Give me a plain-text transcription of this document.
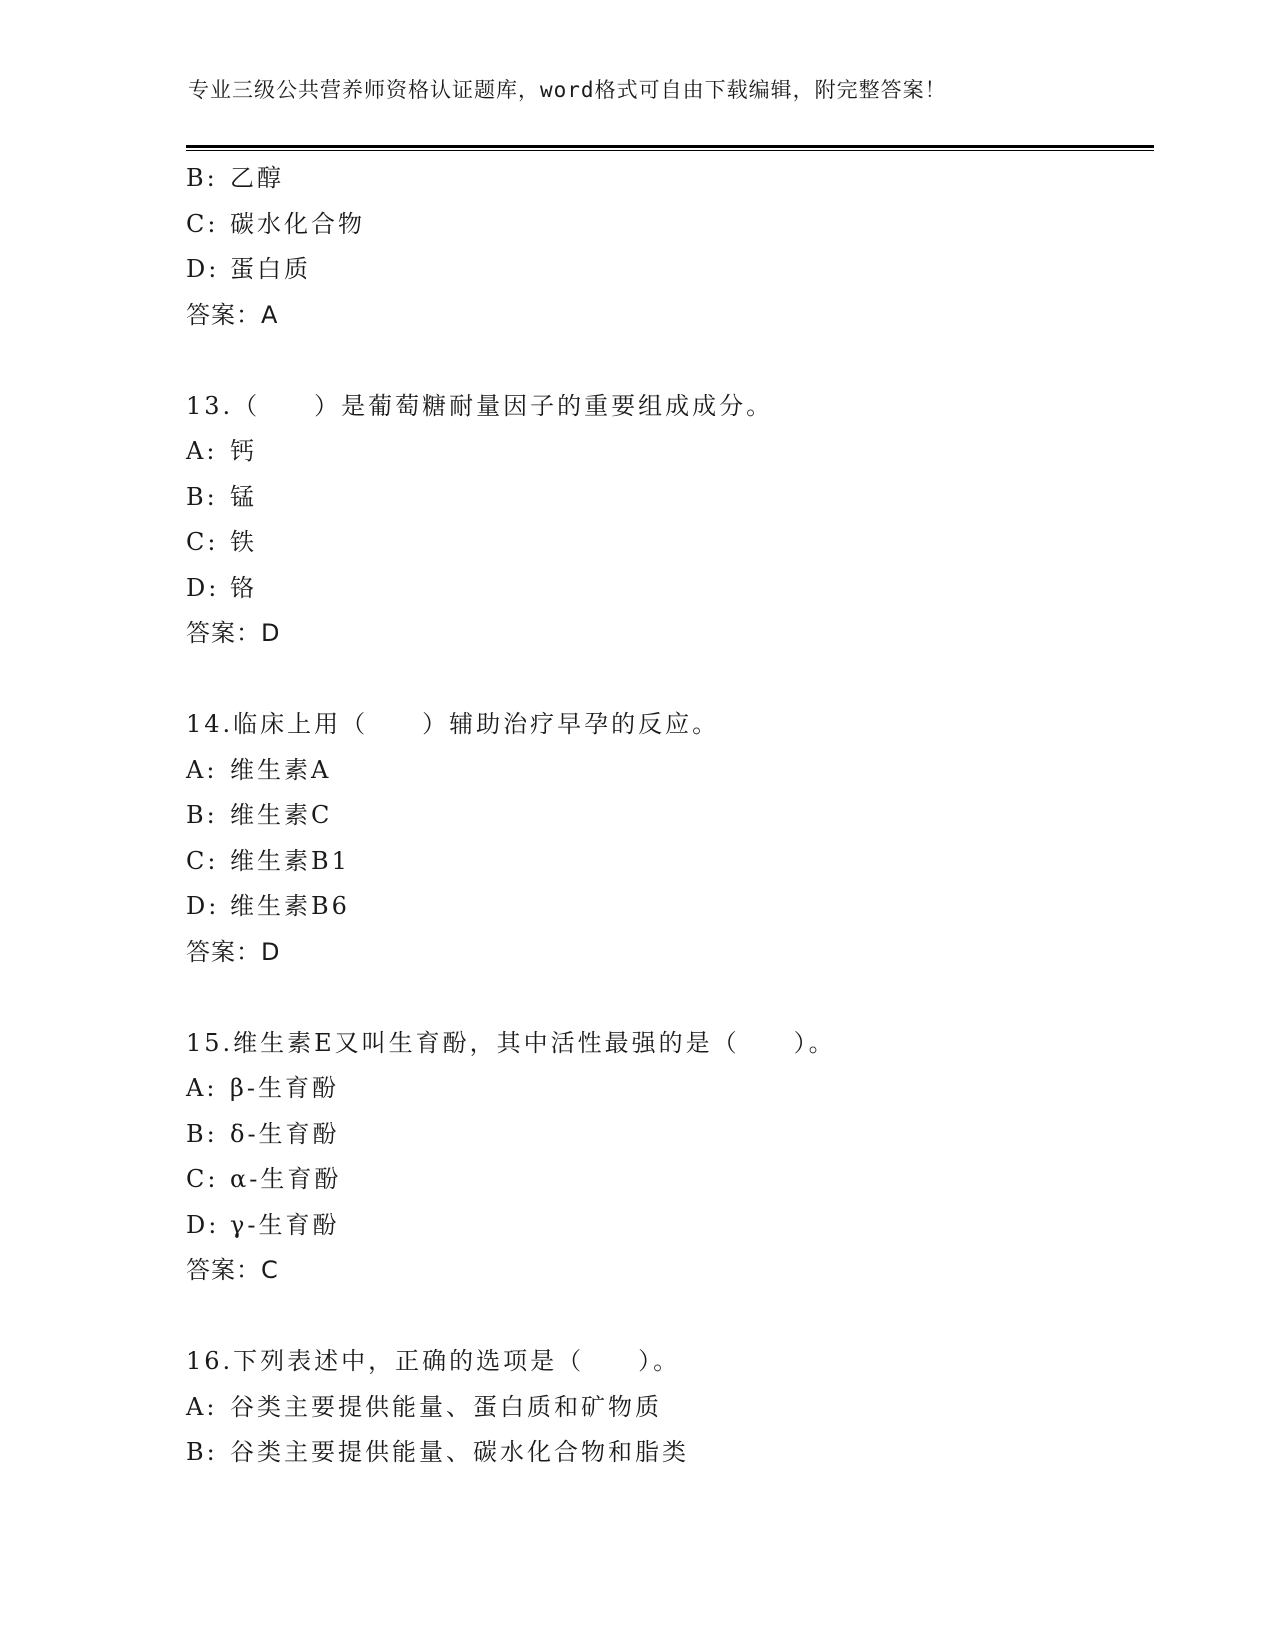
专业三级公共营养师资格认证题库，word格式可自由下载编辑，附完整答案！
B: 乙醇
C: 碳水化合物
D: 蛋白质
答案：A
13.（　　）是葡萄糖耐量因子的重要组成成分。
A: 钙
B: 锰
C: 铁
D: 铬
答案：D
14.临床上用（　　）辅助治疗早孕的反应。
A: 维生素A
B: 维生素C
C: 维生素B1
D: 维生素B6
答案：D
15.维生素E又叫生育酚，其中活性最强的是（　　）。
A: β-生育酚
B: δ-生育酚
C: α-生育酚
D: γ-生育酚
答案：C
16.下列表述中，正确的选项是（　　）。
A: 谷类主要提供能量、蛋白质和矿物质
B: 谷类主要提供能量、碳水化合物和脂类
